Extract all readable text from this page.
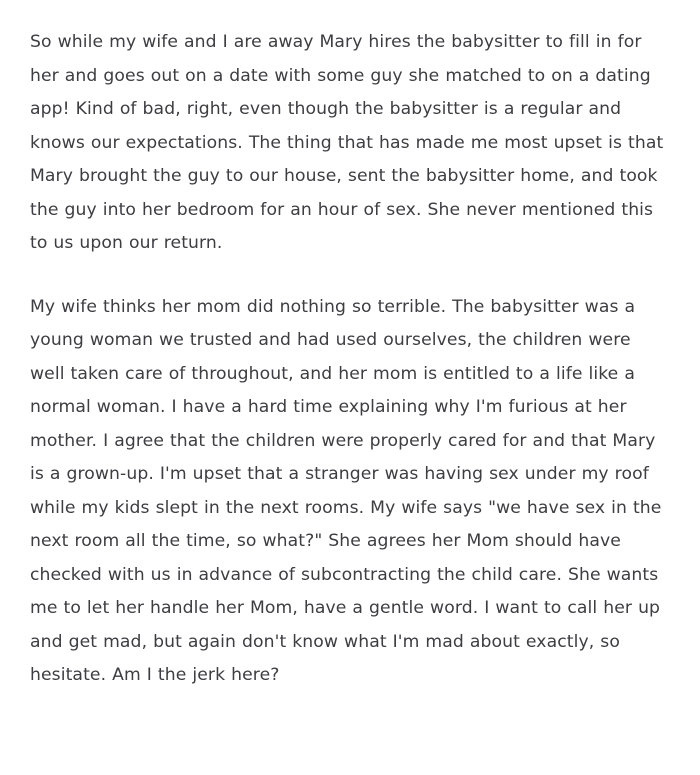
So while my wife and I are away Mary hires the babysitter to fill in for her and goes out on a date with some guy she matched to on a dating app! Kind of bad, right, even though the babysitter is a regular and knows our expectations. The thing that has made me most upset is that Mary brought the guy to our house, sent the babysitter home, and took the guy into her bedroom for an hour of sex. She never mentioned this to us upon our return.

My wife thinks her mom did nothing so terrible. The babysitter was a young woman we trusted and had used ourselves, the children were well taken care of throughout, and her mom is entitled to a life like a normal woman. I have a hard time explaining why I'm furious at her mother. I agree that the children were properly cared for and that Mary is a grown-up. I'm upset that a stranger was having sex under my roof while my kids slept in the next rooms. My wife says "we have sex in the next room all the time, so what?" She agrees her Mom should have checked with us in advance of subcontracting the child care. She wants me to let her handle her Mom, have a gentle word. I want to call her up and get mad, but again don't know what I'm mad about exactly, so hesitate. Am I the jerk here?
